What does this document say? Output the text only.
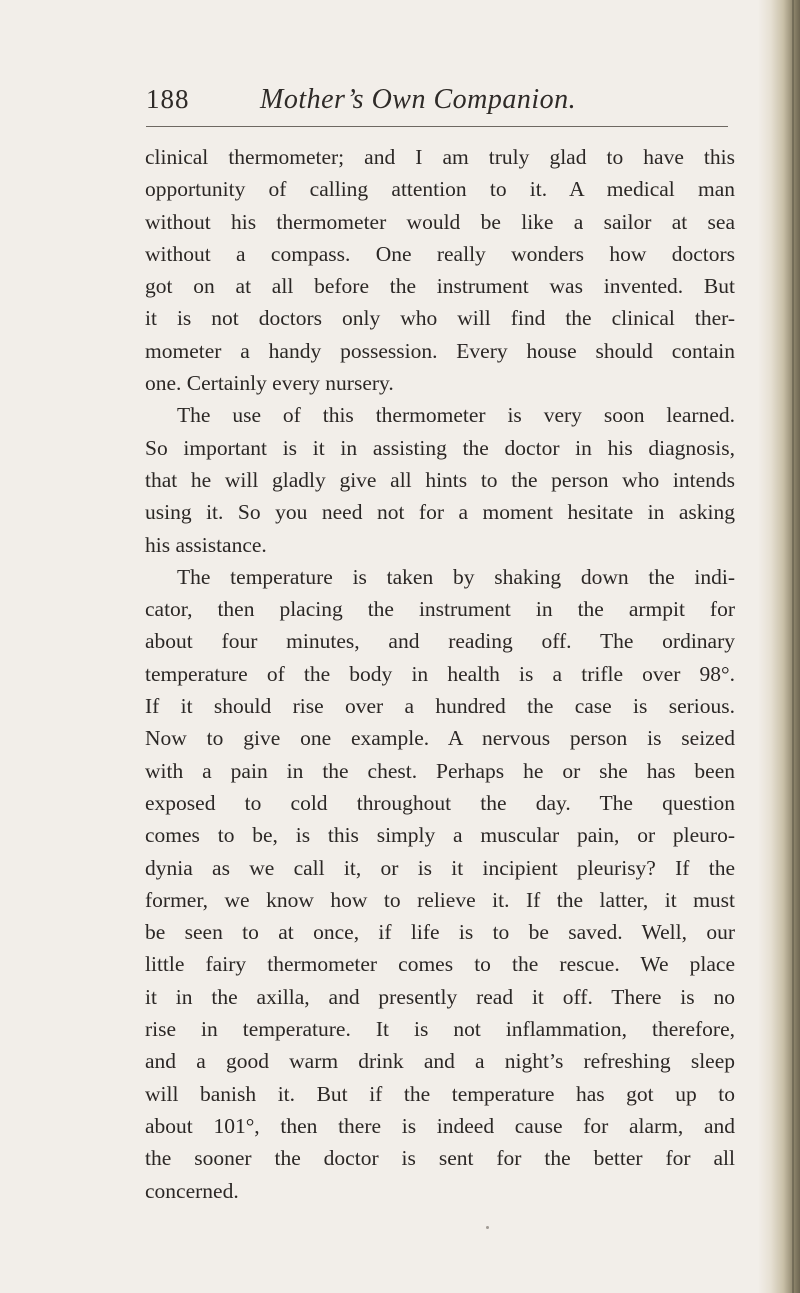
188	Mother’s Own Companion.
clinical thermometer; and I am truly glad to have this
opportunity of calling attention to it. A medical man
without his thermometer would be like a sailor at sea
without a compass. One really wonders how doctors
got on at all before the instrument was invented. But
it is not doctors only who will find the clinical ther-
mometer a handy possession. Every house should contain
one. Certainly every nursery.
The use of this thermometer is very soon learned.
So important is it in assisting the doctor in his diagnosis,
that he will gladly give all hints to the person who intends
using it. So you need not for a moment hesitate in asking
his assistance.
The temperature is taken by shaking down the indi-
cator, then placing the instrument in the armpit for
about four minutes, and reading off. The ordinary
temperature of the body in health is a trifle over 98°.
If it should rise over a hundred the case is serious.
Now to give one example. A nervous person is seized
with a pain in the chest. Perhaps he or she has been
exposed to cold throughout the day. The question
comes to be, is this simply a muscular pain, or pleuro-
dynia as we call it, or is it incipient pleurisy? If the
former, we know how to relieve it. If the latter, it must
be seen to at once, if life is to be saved. Well, our
little fairy thermometer comes to the rescue. We place
it in the axilla, and presently read it off. There is no
rise in temperature. It is not inflammation, therefore,
and a good warm drink and a night’s refreshing sleep
will banish it. But if the temperature has got up to
about 101°, then there is indeed cause for alarm, and
the sooner the doctor is sent for the better for all
concerned.
